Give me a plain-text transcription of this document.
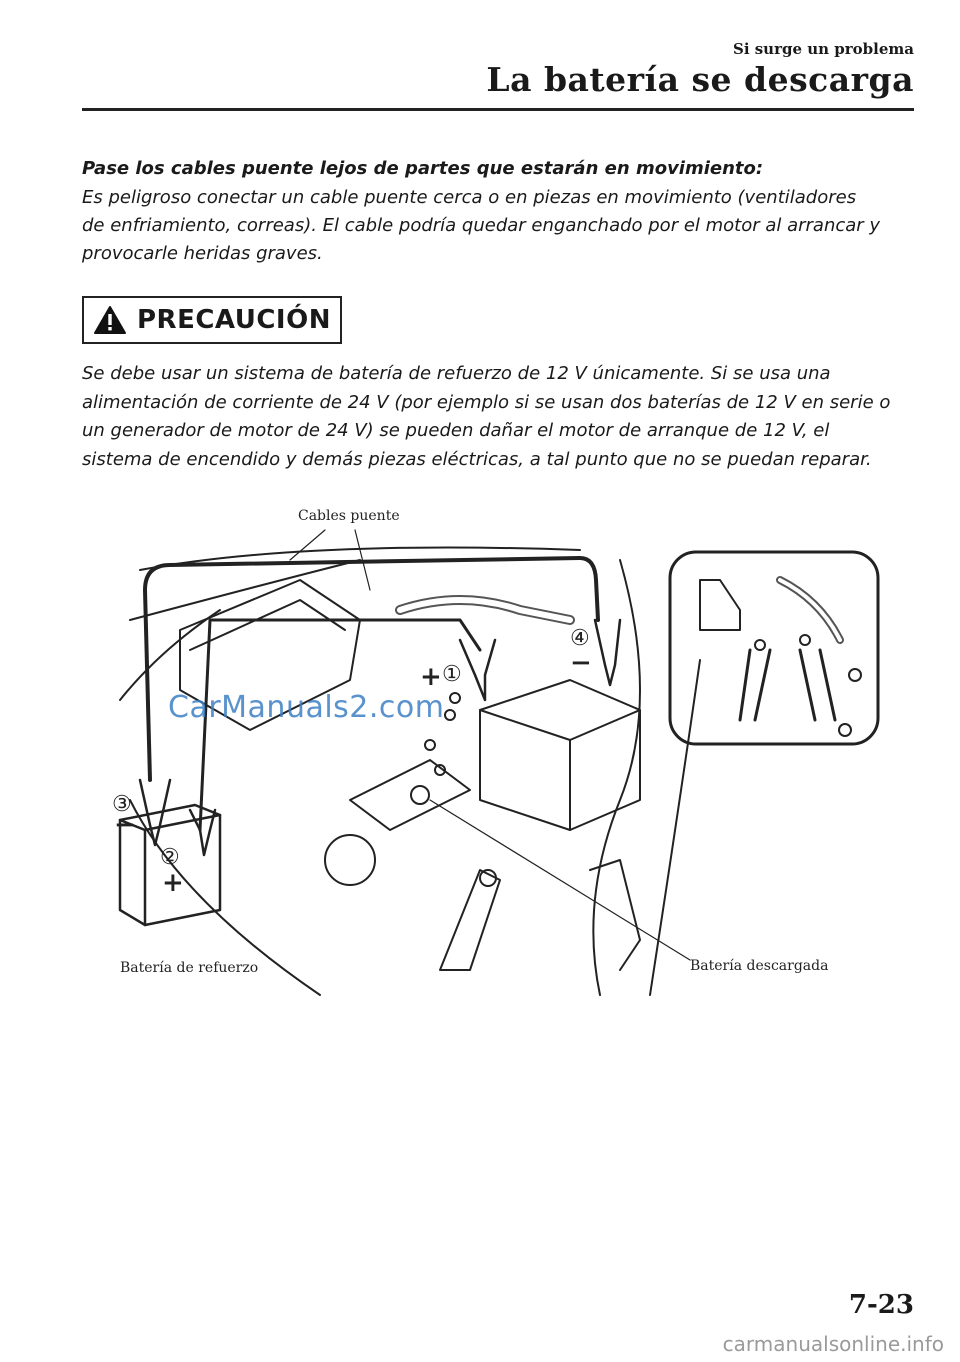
Si surge un problema
La batería se descarga
Pase los cables puente lejos de partes que estarán en movimiento:
Es peligroso conectar un cable puente cerca o en piezas en movimiento (ventiladores de enfriamiento, correas). El cable podría quedar enganchado por el motor al arrancar y provocarle heridas graves.
PRECAUCIÓN
Se debe usar un sistema de batería de refuerzo de 12 V únicamente. Si se usa una alimentación de corriente de 24 V (por ejemplo si se usan dos baterías de 12 V en serie o un generador de motor de 24 V) se pueden dañar el motor de arranque de 12 V, el sistema de encendido y demás piezas eléctricas, a tal punto que no se puedan reparar.
Cables puente
Batería de refuerzo	Batería descargada
①
+
②
+
③
−
④
−
CarManuals2.com
7-23
carmanualsonline.info
